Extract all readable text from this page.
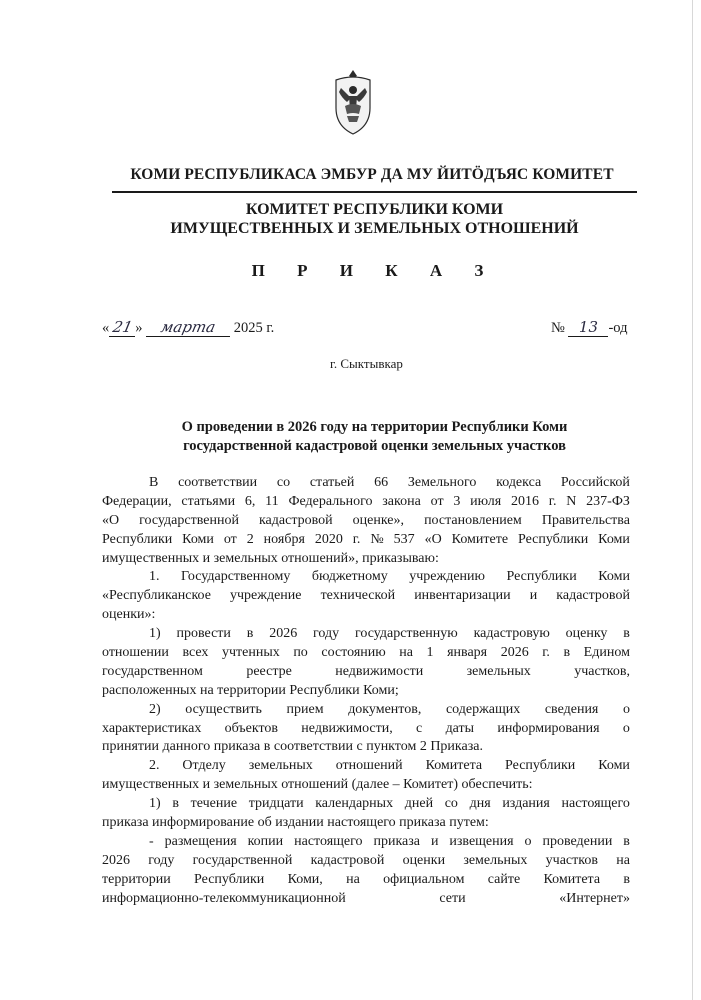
КОМИ РЕСПУБЛИКАСА ЭМБУР ДА МУ ЙИТÖДЪЯС КОМИТЕТ
КОМИТЕТ РЕСПУБЛИКИ КОМИ
ИМУЩЕСТВЕННЫХ И ЗЕМЕЛЬНЫХ ОТНОШЕНИЙ
П Р И К А З
« 21» марта 2025 г.	№ 13 -од
г. Сыктывкар
О проведении в 2026 году на территории Республики Коми
государственной кадастровой оценки земельных участков
В соответствии со статьей 66 Земельного кодекса Российской
Федерации, статьями 6, 11 Федерального закона от 3 июля 2016 г. N 237-ФЗ
«О государственной кадастровой оценке», постановлением Правительства
Республики Коми от 2 ноября 2020 г. № 537 «О Комитете Республики Коми
имущественных и земельных отношений», приказываю:
1. Государственному бюджетному учреждению Республики Коми
«Республиканское учреждение технической инвентаризации и кадастровой
оценки»:
1) провести в 2026 году государственную кадастровую оценку в
отношении всех учтенных по состоянию на 1 января 2026 г. в Едином
государственном	реестре	недвижимости	земельных	участков,
расположенных на территории Республики Коми;
2) осуществить прием документов, содержащих сведения о
характеристиках объектов недвижимости, с даты информирования о
принятии данного приказа в соответствии с пунктом 2 Приказа.
2. Отделу земельных отношений Комитета Республики Коми
имущественных и земельных отношений (далее – Комитет) обеспечить:
1) в течение тридцати календарных дней со дня издания настоящего
приказа информирование об издании настоящего приказа путем:
- размещения копии настоящего приказа и извещения о проведении в
2026 году государственной кадастровой оценки земельных участков на
территории Республики Коми, на официальном сайте Комитета в
информационно-телекоммуникационной	сети	«Интернет»
